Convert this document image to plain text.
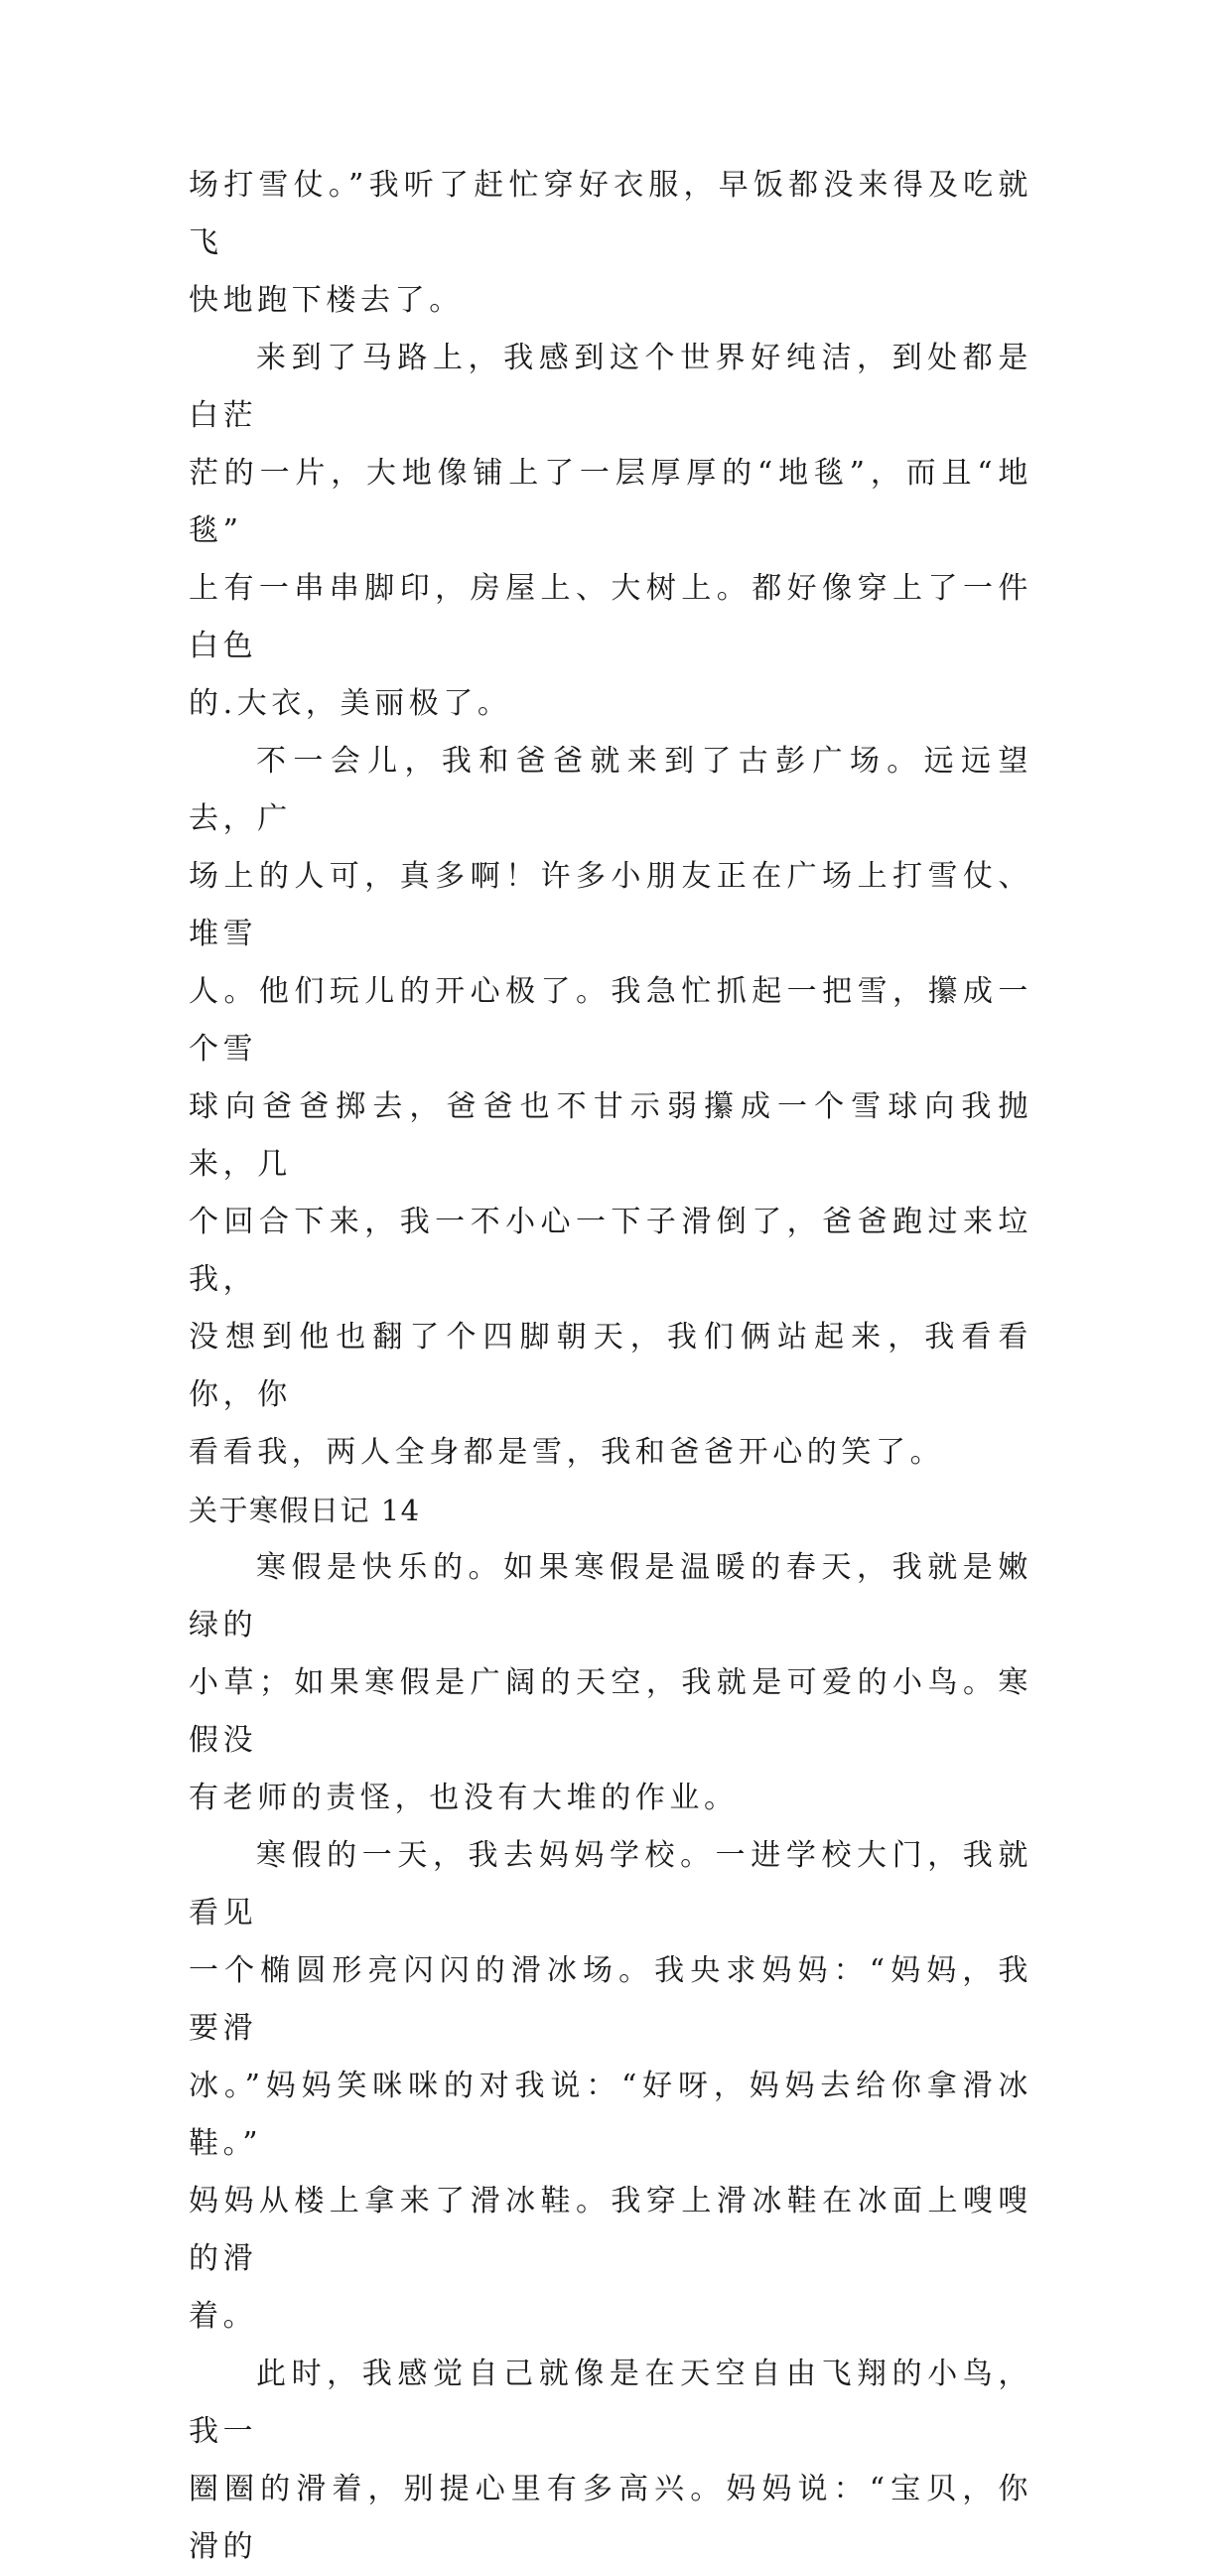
场打雪仗。”我听了赶忙穿好衣服，早饭都没来得及吃就飞
快地跑下楼去了。
来到了马路上，我感到这个世界好纯洁，到处都是白茫
茫的一片，大地像铺上了一层厚厚的“地毯”，而且“地毯”
上有一串串脚印，房屋上、大树上。都好像穿上了一件白色
的.大衣，美丽极了。
不一会儿，我和爸爸就来到了古彭广场。远远望去，广
场上的人可，真多啊！许多小朋友正在广场上打雪仗、堆雪
人。他们玩儿的开心极了。我急忙抓起一把雪，攥成一个雪
球向爸爸掷去，爸爸也不甘示弱攥成一个雪球向我抛来，几
个回合下来，我一不小心一下子滑倒了，爸爸跑过来垃我，
没想到他也翻了个四脚朝天，我们俩站起来，我看看你，你
看看我，两人全身都是雪，我和爸爸开心的笑了。
关于寒假日记 14
寒假是快乐的。如果寒假是温暖的春天，我就是嫩绿的
小草；如果寒假是广阔的天空，我就是可爱的小鸟。寒假没
有老师的责怪，也没有大堆的作业。
寒假的一天，我去妈妈学校。一进学校大门，我就看见
一个椭圆形亮闪闪的滑冰场。我央求妈妈：“妈妈，我要滑
冰。”妈妈笑咪咪的对我说：“好呀，妈妈去给你拿滑冰鞋。”
妈妈从楼上拿来了滑冰鞋。我穿上滑冰鞋在冰面上嗖嗖的滑
着。
此时，我感觉自己就像是在天空自由飞翔的小鸟，我一
圈圈的滑着，别提心里有多高兴。妈妈说：“宝贝，你滑的
